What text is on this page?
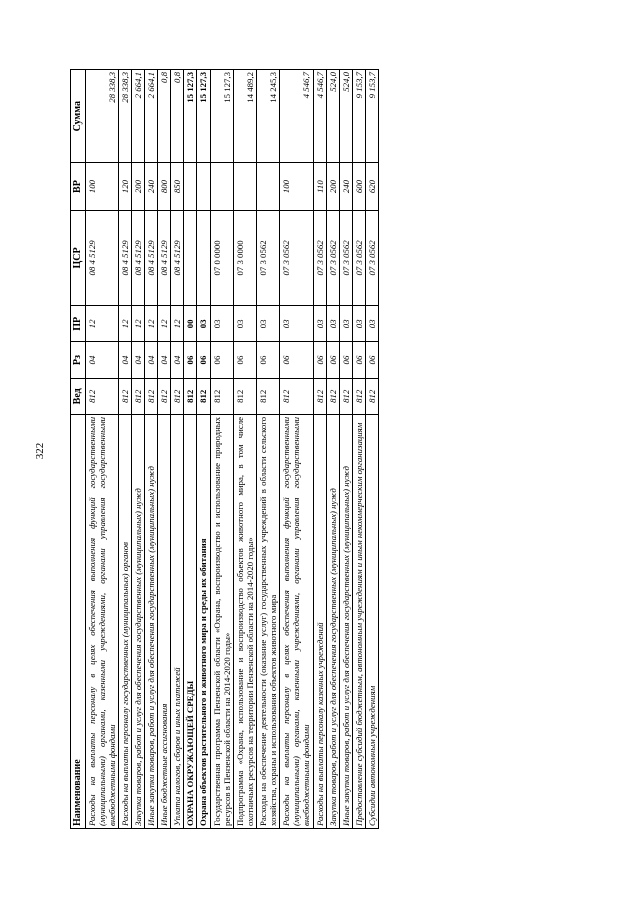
322
Наименование	Вед	Рз	ПР	ЦСР	ВР	Сумма
Расходы на выплаты персоналу в целях обеспечения выполнения функций государственными (муниципальными) органами, казенными учреждениями, органами управления государственными внебюджетными фондами	812	04	12	08 4 5129	100	28 338,3
Расходы на выплаты персоналу государственных (муниципальных) органов	812	04	12	08 4 5129	120	28 338,3
Закупка товаров, работ и услуг для обеспечения государственных (муниципальных) нужд	812	04	12	08 4 5129	200	2 664,1
Иные закупки товаров, работ и услуг для обеспечения государственных (муниципальных) нужд	812	04	12	08 4 5129	240	2 664,1
Иные бюджетные ассигнования	812	04	12	08 4 5129	800	0,8
Уплата налогов, сборов и иных платежей	812	04	12	08 4 5129	850	0,8
ОХРАНА ОКРУЖАЮЩЕЙ СРЕДЫ	812	06	00			15 127,3
Охрана объектов растительного и животного мира и среды их обитания	812	06	03			15 127,3
Государственная программа Пензенской области «Охрана, воспроизводство и использование природных ресурсов в Пензенской области на 2014-2020 годы»	812	06	03	07 0 0000		15 127,3
Подпрограмма «Охрана, использование и воспроизводство объектов животного мира, в том числе охотничьих ресурсов на территории Пензенской области на 2014-2020 годы»	812	06	03	07 3 0000		14 489,2
Расходы на обеспечение деятельности (оказание услуг) государственных учреждений в области сельского хозяйства, охраны и использования объектов животного мира	812	06	03	07 3 0562		14 245,3
Расходы на выплаты персоналу в целях обеспечения выполнения функций государственными (муниципальными) органами, казенными учреждениями, органами управления государственными внебюджетными фондами	812	06	03	07 3 0562	100	4 546,7
Расходы на выплаты персоналу казенных учреждений	812	06	03	07 3 0562	110	4 546,7
Закупка товаров, работ и услуг для обеспечения государственных (муниципальных) нужд	812	06	03	07 3 0562	200	524,0
Иные закупки товаров, работ и услуг для обеспечения государственных (муниципальных) нужд	812	06	03	07 3 0562	240	524,0
Предоставление субсидий бюджетным, автономным учреждениям и иным некоммерческим организациям	812	06	03	07 3 0562	600	9 153,7
Субсидии автономным учреждениям	812	06	03	07 3 0562	620	9 153,7
